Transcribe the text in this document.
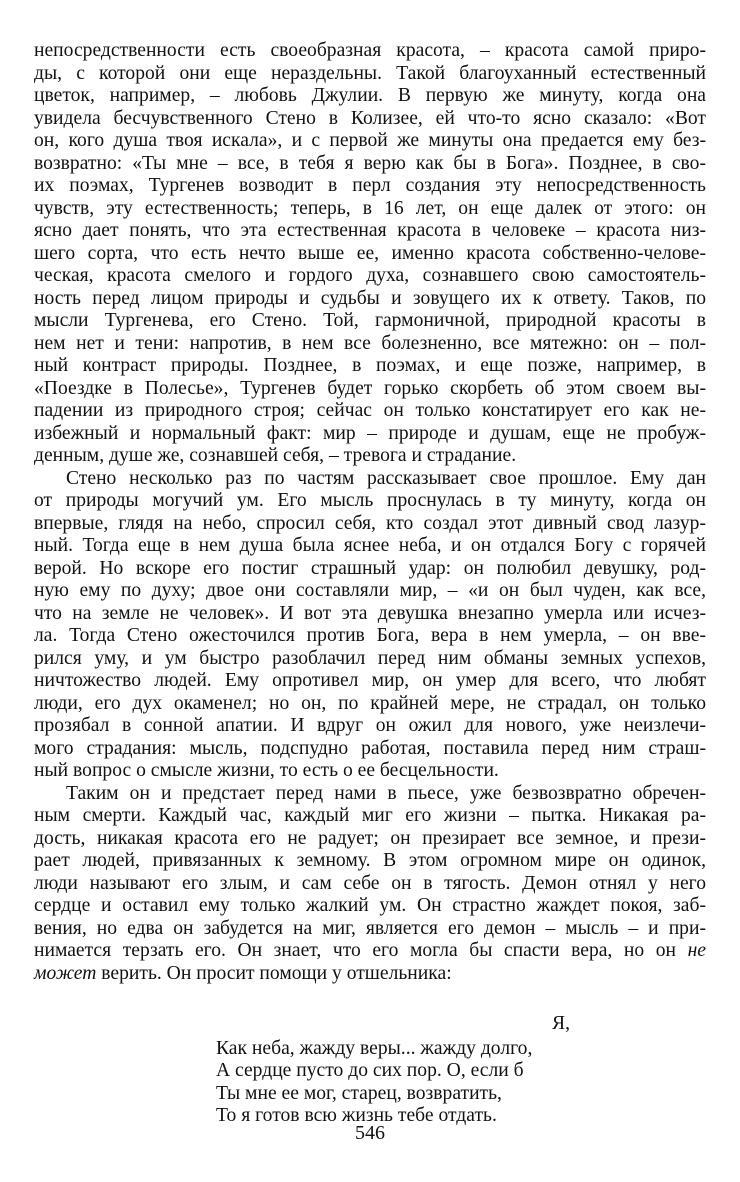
непосредственности есть своеобразная красота, – красота самой приро-
ды, с которой они еще нераздельны. Такой благоуханный естественный
цветок, например, – любовь Джулии. В первую же минуту, когда она
увидела бесчувственного Стено в Колизее, ей что-то ясно сказало: «Вот
он, кого душа твоя искала», и с первой же минуты она предается ему без-
возвратно: «Ты мне – все, в тебя я верю как бы в Бога». Позднее, в сво-
их поэмах, Тургенев возводит в перл создания эту непосредственность
чувств, эту естественность; теперь, в 16 лет, он еще далек от этого: он
ясно дает понять, что эта естественная красота в человеке – красота низ-
шего сорта, что есть нечто выше ее, именно красота собственно-челове-
ческая, красота смелого и гордого духа, сознавшего свою самостоятель-
ность перед лицом природы и судьбы и зовущего их к ответу. Таков, по
мысли Тургенева, его Стено. Той, гармоничной, природной красоты в
нем нет и тени: напротив, в нем все болезненно, все мятежно: он – пол-
ный контраст природы. Позднее, в поэмах, и еще позже, например, в
«Поездке в Полесье», Тургенев будет горько скорбеть об этом своем вы-
падении из природного строя; сейчас он только констатирует его как не-
избежный и нормальный факт: мир – природе и душам, еще не пробуж-
денным, душе же, сознавшей себя, – тревога и страдание.
Стено несколько раз по частям рассказывает свое прошлое. Ему дан
от природы могучий ум. Его мысль проснулась в ту минуту, когда он
впервые, глядя на небо, спросил себя, кто создал этот дивный свод лазур-
ный. Тогда еще в нем душа была яснее неба, и он отдался Богу с горячей
верой. Но вскоре его постиг страшный удар: он полюбил девушку, род-
ную ему по духу; двое они составляли мир, – «и он был чуден, как все,
что на земле не человек». И вот эта девушка внезапно умерла или исчез-
ла. Тогда Стено ожесточился против Бога, вера в нем умерла, – он вве-
рился уму, и ум быстро разоблачил перед ним обманы земных успехов,
ничтожество людей. Ему опротивел мир, он умер для всего, что любят
люди, его дух окаменел; но он, по крайней мере, не страдал, он только
прозябал в сонной апатии. И вдруг он ожил для нового, уже неизлечи-
мого страдания: мысль, подспудно работая, поставила перед ним страш-
ный вопрос о смысле жизни, то есть о ее бесцельности.
Таким он и предстает перед нами в пьесе, уже безвозвратно обречен-
ным смерти. Каждый час, каждый миг его жизни – пытка. Никакая ра-
дость, никакая красота его не радует; он презирает все земное, и прези-
рает людей, привязанных к земному. В этом огромном мире он одинок,
люди называют его злым, и сам себе он в тягость. Демон отнял у него
сердце и оставил ему только жалкий ум. Он страстно жаждет покоя, заб-
вения, но едва он забудется на миг, является его демон – мысль – и при-
нимается терзать его. Он знает, что его могла бы спасти вера, но он не
может верить. Он просит помощи у отшельника:
Я,
Как неба, жажду веры... жажду долго,
А сердце пусто до сих пор. О, если б
Ты мне ее мог, старец, возвратить,
То я готов всю жизнь тебе отдать.
546
